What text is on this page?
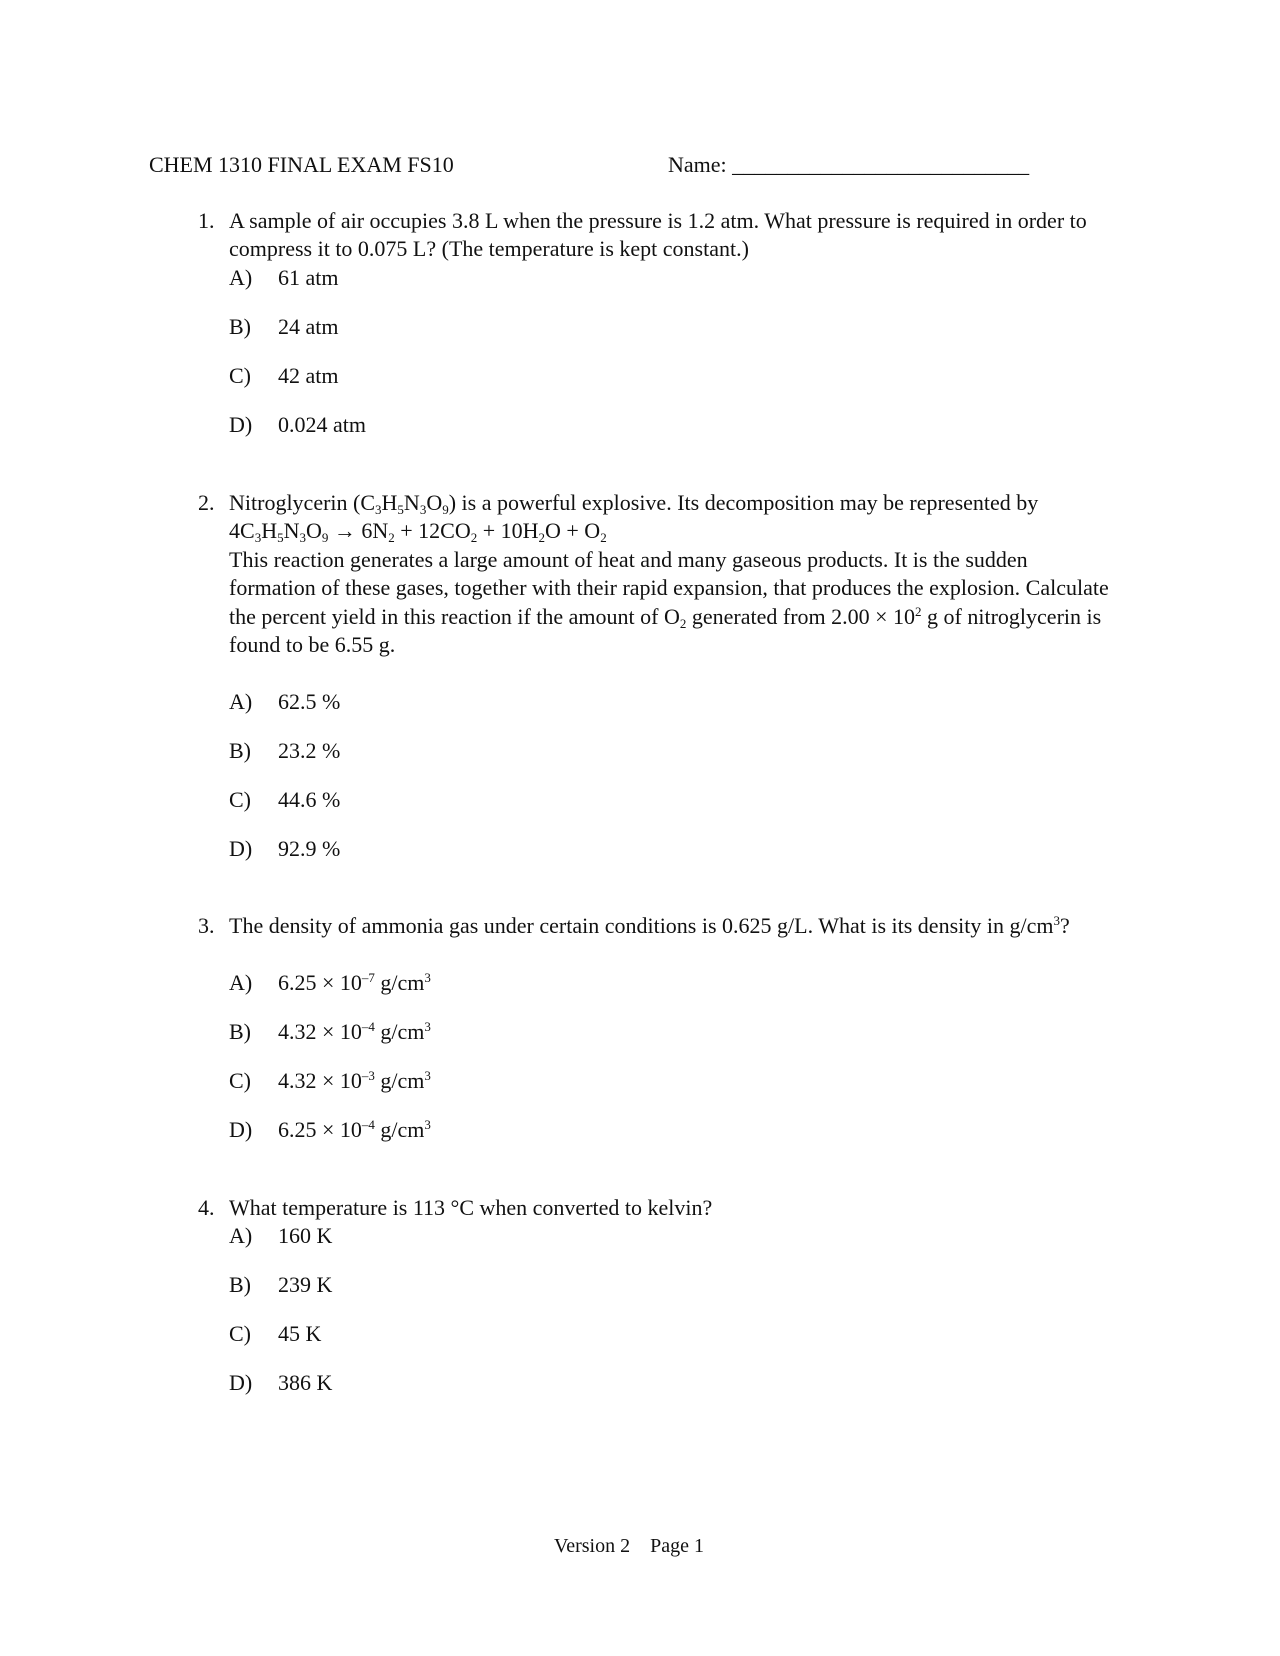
CHEM 1310 FINAL EXAM FS10	Name: ___________________________
1. A sample of air occupies 3.8 L when the pressure is 1.2 atm. What pressure is required in order to compress it to 0.075 L? (The temperature is kept constant.)
A) 61 atm
B) 24 atm
C) 42 atm
D) 0.024 atm
2. Nitroglycerin $(C_3H_5N_3O_9)$ is a powerful explosive. Its decomposition may be represented by
$4C_3H_5N_3O_9 \to 6N_2 + 12CO_2 + 10H_2O + O_2$
This reaction generates a large amount of heat and many gaseous products. It is the sudden formation of these gases, together with their rapid expansion, that produces the explosion. Calculate the percent yield in this reaction if the amount of $O_2$ generated from $2.00 \times 10^2$ g of nitroglycerin is found to be 6.55 g.
A) 62.5 %
B) 23.2 %
C) 44.6 %
D) 92.9 %
3. The density of ammonia gas under certain conditions is 0.625 g/L. What is its density in $g/cm^3$?
A) $6.25 \times 10^{-7}$ $g/cm^3$
B) $4.32 \times 10^{-4}$ $g/cm^3$
C) $4.32 \times 10^{-3}$ $g/cm^3$
D) $6.25 \times 10^{-4}$ $g/cm^3$
4. What temperature is 113 °C when converted to kelvin?
A) 160 K
B) 239 K
C) 45 K
D) 386 K
Version 2 Page 1
